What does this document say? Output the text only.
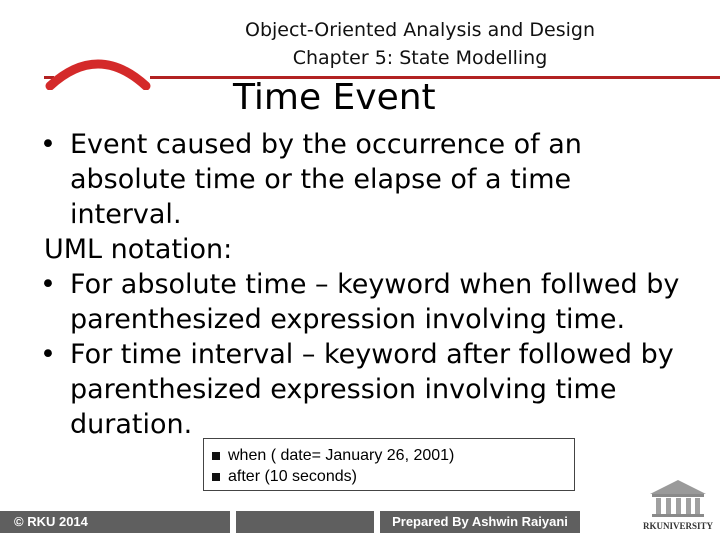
Object-Oriented Analysis and Design
Chapter 5: State Modelling
Time Event
• Event caused by the occurrence of an absolute time or the elapse of a time interval.
UML notation:
• For absolute time – keyword when follwed by parenthesized expression involving time.
• For time interval – keyword after followed by parenthesized expression involving time duration.
when ( date= January 26, 2001)
after (10 seconds)
© RKU 2014	Prepared By Ashwin Raiyani	RKUNIVERSITY
